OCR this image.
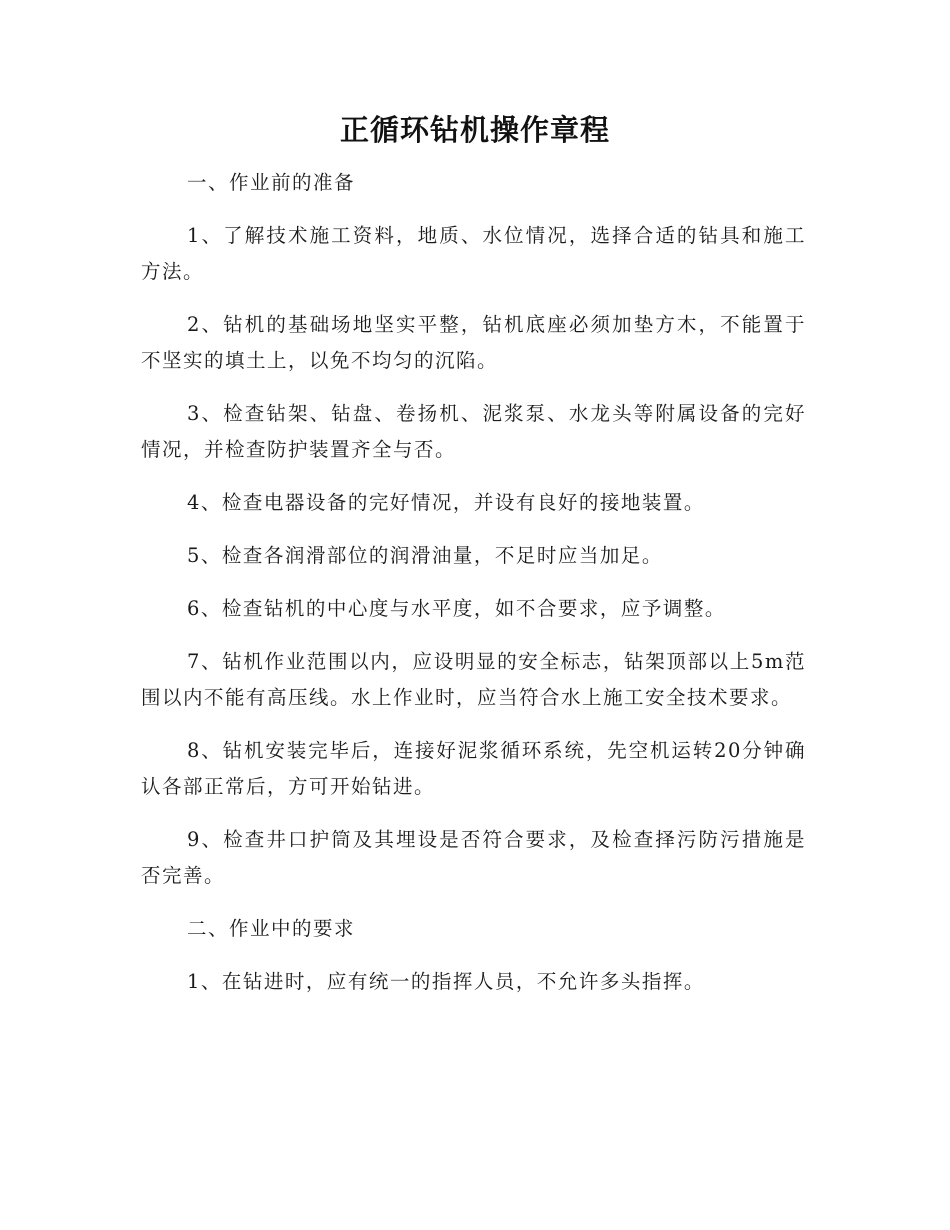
正循环钻机操作章程

一、作业前的准备

1、了解技术施工资料，地质、水位情况，选择合适的钻具和施工方法。

2、钻机的基础场地坚实平整，钻机底座必须加垫方木，不能置于不坚实的填土上，以免不均匀的沉陷。

3、检查钻架、钻盘、卷扬机、泥浆泵、水龙头等附属设备的完好情况，并检查防护装置齐全与否。

4、检查电器设备的完好情况，并设有良好的接地装置。

5、检查各润滑部位的润滑油量，不足时应当加足。

6、检查钻机的中心度与水平度，如不合要求，应予调整。

7、钻机作业范围以内，应设明显的安全标志，钻架顶部以上5m范围以内不能有高压线。水上作业时，应当符合水上施工安全技术要求。

8、钻机安装完毕后，连接好泥浆循环系统，先空机运转20分钟确认各部正常后，方可开始钻进。

9、检查井口护筒及其埋设是否符合要求，及检查择污防污措施是否完善。

二、作业中的要求

1、在钻进时，应有统一的指挥人员，不允许多头指挥。
